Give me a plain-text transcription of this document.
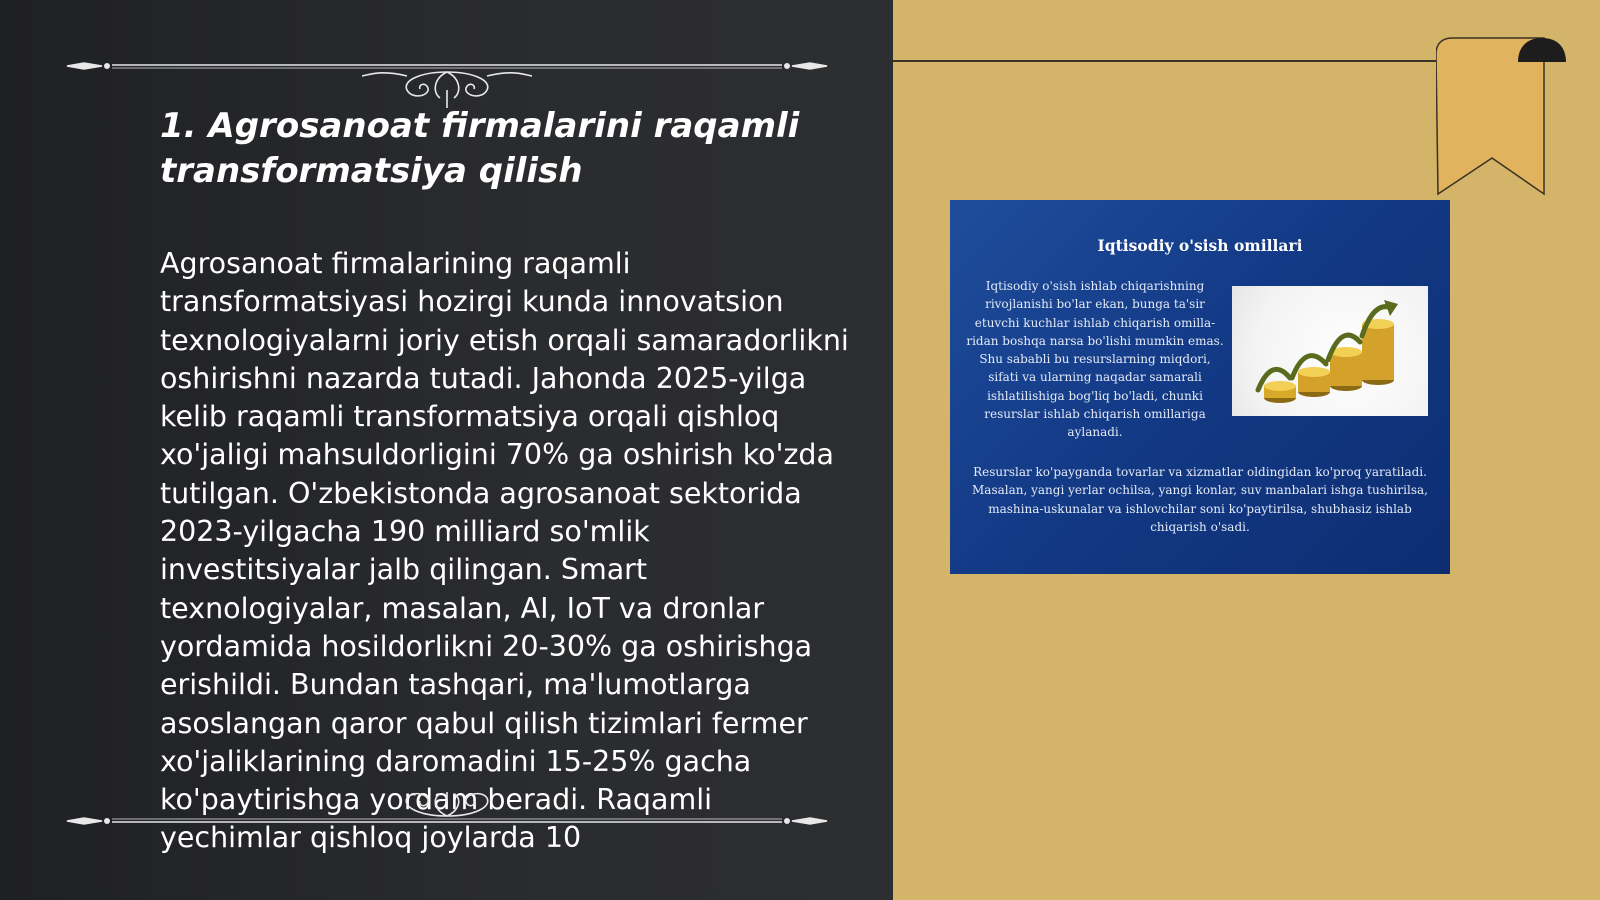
1. Agrosanoat firmalarini raqamli transformatsiya qilish

Agrosanoat firmalarining raqamli transformatsiyasi hozirgi kunda innovatsion texnologiyalarni joriy etish orqali samaradorlikni oshirishni nazarda tutadi. Jahonda 2025-yilga kelib raqamli transformatsiya orqali qishloq xo'jaligi mahsuldorligini 70% ga oshirish ko'zda tutilgan. O'zbekistonda agrosanoat sektorida 2023-yilgacha 190 milliard so'mlik investitsiyalar jalb qilingan. Smart texnologiyalar, masalan, AI, IoT va dronlar yordamida hosildorlikni 20-30% ga oshirishga erishildi. Bundan tashqari, ma'lumotlarga asoslangan qaror qabul qilish tizimlari fermer xo'jaliklarining daromadini 15-25% gacha ko'paytirishga yordam beradi. Raqamli yechimlar qishloq joylarda 10

Iqtisodiy o'sish omillari

Iqtisodiy o'sish ishlab chiqarishning rivojlanishi bo'lar ekan, bunga ta'sir etuvchi kuchlar ishlab chiqarish omilla-ridan boshqa narsa bo'lishi mumkin emas. Shu sababli bu resurslarning miqdori, sifati va ularning naqadar samarali ishlatilishiga bog'liq bo'ladi, chunki resurslar ishlab chiqarish omillariga aylanadi.

Resurslar ko'payganda tovarlar va xizmatlar oldingidan ko'proq yaratiladi. Masalan, yangi yerlar ochilsa, yangi konlar, suv manbalari ishga tushirilsa, mashina-uskunalar va ishlovchilar soni ko'paytirilsa, shubhasiz ishlab chiqarish o'sadi.
